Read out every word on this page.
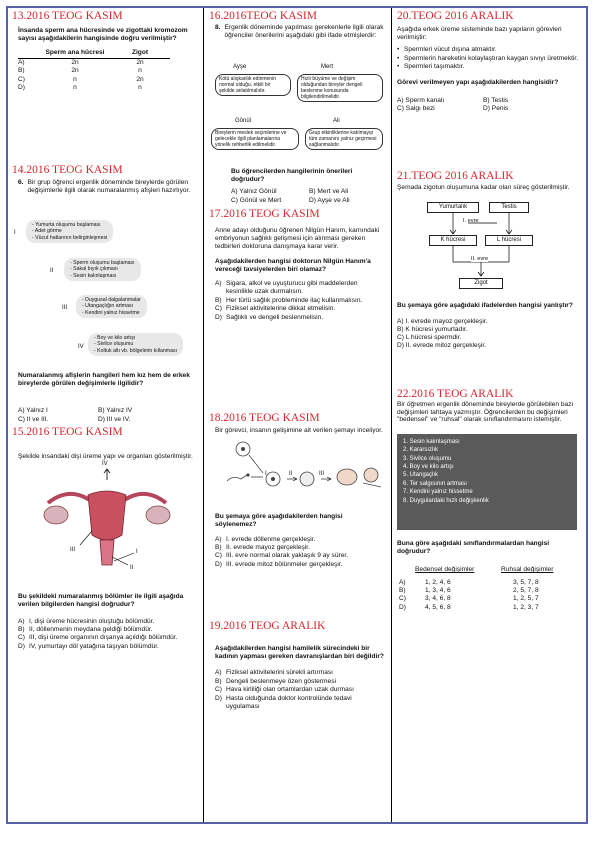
13.2016 TEOG KASIM
İnsanda sperm ana hücresinde ve zigottaki kromozom sayısı aşağıdakilerin hangisinde doğru verilmiştir?
	Sperm ana hücresi	Zigot
A)	2n	2n
B)	2n	n
C)	n	2n
D)	n	n
14.2016 TEOG KASIM
6. Bir grup öğrenci ergenlik döneminde bireylerde görülen değişimlerle ilgili olarak numaralanmış afişleri hazırlıyor.
I
- Yumurta oluşumu başlaması
- Adet görme
- Vücut hatlarının belirginleşmesi
II
- Sperm oluşumu başlaması
- Sakal bıyık çıkması
- Sesin kalınlaşması
III
- Duygusal dalgalanmalar
- Utangaçlığın artması
- Kendini yalnız hissetme
IV
- Boy ve kilo artışı
- Sivilce oluşumu
- Koltuk altı vb. bölgelerin kıllanması
Numaralanmış afişlerin hangileri hem kız hem de erkek bireylerde görülen değişimlerle ilgilidir?
A) Yalnız I	B) Yalnız IV
C) II ve III.	D) III ve IV.
15.2016 TEOG KASIM
Şekilde insandaki dişi üreme yapı ve organları gösterilmiştir.
IV
I
II
III
Bu şekildeki numaralanmış bölümler ile ilgili aşağıda verilen bilgilerden hangisi doğrudur?
A) I, dişi üreme hücresinin oluştuğu bölümdür.
B) II, döllenmenin meydana geldiği bölümdür.
C) III, dişi üreme organının dışarıya açıldığı bölümdür.
D) IV, yumurtayı döl yatağına taşıyan bölümdür.
16.2016TEOG KASIM
8. Ergenlik döneminde yapılması gerekenlerle ilgili olarak öğrenciler önerilerini aşağıdaki gibi ifade etmişlerdir:
Ayşe
Kötü alışkanlık edinmenin normal olduğu, etkili bir şekilde anlatılmalıdır.
Mert
Hızlı büyüme ve değişim olduğundan bireyler dengeli beslenme konusunda bilgilendirilmelidir.
Gönül
Bireylerin meslek seçimlerine ve gelecekle ilgili planlamalarına yönelik rehberlik edilmelidir.
Ali
Grup etkinliklerine katılmayıp tüm zamanını yalnız geçirmesi sağlanmalıdır.
Bu öğrencilerden hangilerinin önerileri doğrudur?
A) Yalnız Gönül	B) Mert ve Ali
C) Gönül ve Mert	D) Ayşe ve Ali
17.2016 TEOG KASIM
Anne adayı olduğunu öğrenen Nilgün Hanım, karnındaki embriyonun sağlıklı gelişmesi için alınması gereken tedbirleri doktoruna danışmaya karar verir.
Aşağıdakilerden hangisi doktorun Nilgün Hanım'a vereceği tavsiyelerden biri olamaz?
A) Sigara, alkol ve uyuşturucu gibi maddelerden kesinlikle uzak durmalısın.
B) Her türlü sağlık probleminde ilaç kullanmalısın.
C) Fiziksel aktivitelerine dikkat etmelisin.
D) Sağlıklı ve dengeli beslenmelisin.
18.2016 TEOG KASIM
Bir görevci, insanın gelişimine ait verilen şemayı inceliyor.
I	II	III
Bu şemaya göre aşağıdakilerden hangisi söylenemez?
A) I. evrede döllenme gerçekleşir.
B) II. evrede mayoz gerçekleşir.
C) III. evre normal olarak yaklaşık 9 ay sürer.
D) III. evrede mitoz bölünmeler gerçekleşir.
19.2016 TEOG ARALIK
Aşağıdakilerden hangisi hamilelik sürecindeki bir kadının yapması gereken davranışlardan biri değildir?
A) Fiziksel aktivitelerini sürekli artırması
B) Dengeli beslenmeye özen göstermesi
C) Hava kirliliği olan ortamlardan uzak durması
D) Hasta olduğunda doktor kontrolünde tedavi uygulaması
20.TEOG 2016 ARALIK
Aşağıda erkek üreme sisteminde bazı yapıların görevleri verilmiştir:
• Spermleri vücut dışına atmaktır.
• Spermlerin hareketini kolaylaştıran kaygan sıvıyı üretmektir.
• Spermleri taşımaktır.
Görevi verilmeyen yapı aşağıdakilerden hangisidir?
A) Sperm kanalı	B) Testis
C) Salgı bezi	D) Penis
21.TEOG 2016 ARALIK
Şemada zigotun oluşumuna kadar olan süreç gösterilmiştir.
Yumurtalık	Testis
I. evre
K hücresi	L hücresi
II. evre
Zigot
Bu şemaya göre aşağıdaki ifadelerden hangisi yanlıştır?
A) I. evrede mayoz gerçekleşir.
B) K hücresi yumurtadır.
C) L hücresi spermdir.
D) II. evrede mitoz gerçekleşir.
22.2016 TEOG ARALIK
Bir öğretmen ergenlik döneminde bireylerde görülebilen bazı değişimleri tahtaya yazmıştır. Öğrencilerden bu değişimleri "bedensel" ve "ruhsal" olarak sınıflandırmasını istemiştir.
1. Sesin kalınlaşması
2. Kararsızlık
3. Sivilce oluşumu
4. Boy ve kilo artışı
5. Utangaçlık
6. Ter salgısının artması
7. Kendini yalnız hissetme
8. Duygulardaki hızlı değişkenlik
Buna göre aşağıdaki sınıflandırmalardan hangisi doğrudur?
	Bedensel değişimler	Ruhsal değişimler
A)	1, 2, 4, 6	3, 5, 7, 8
B)	1, 3, 4, 6	2, 5, 7, 8
C)	3, 4, 6, 8	1, 2, 5, 7
D)	4, 5, 6, 8	1, 2, 3, 7
